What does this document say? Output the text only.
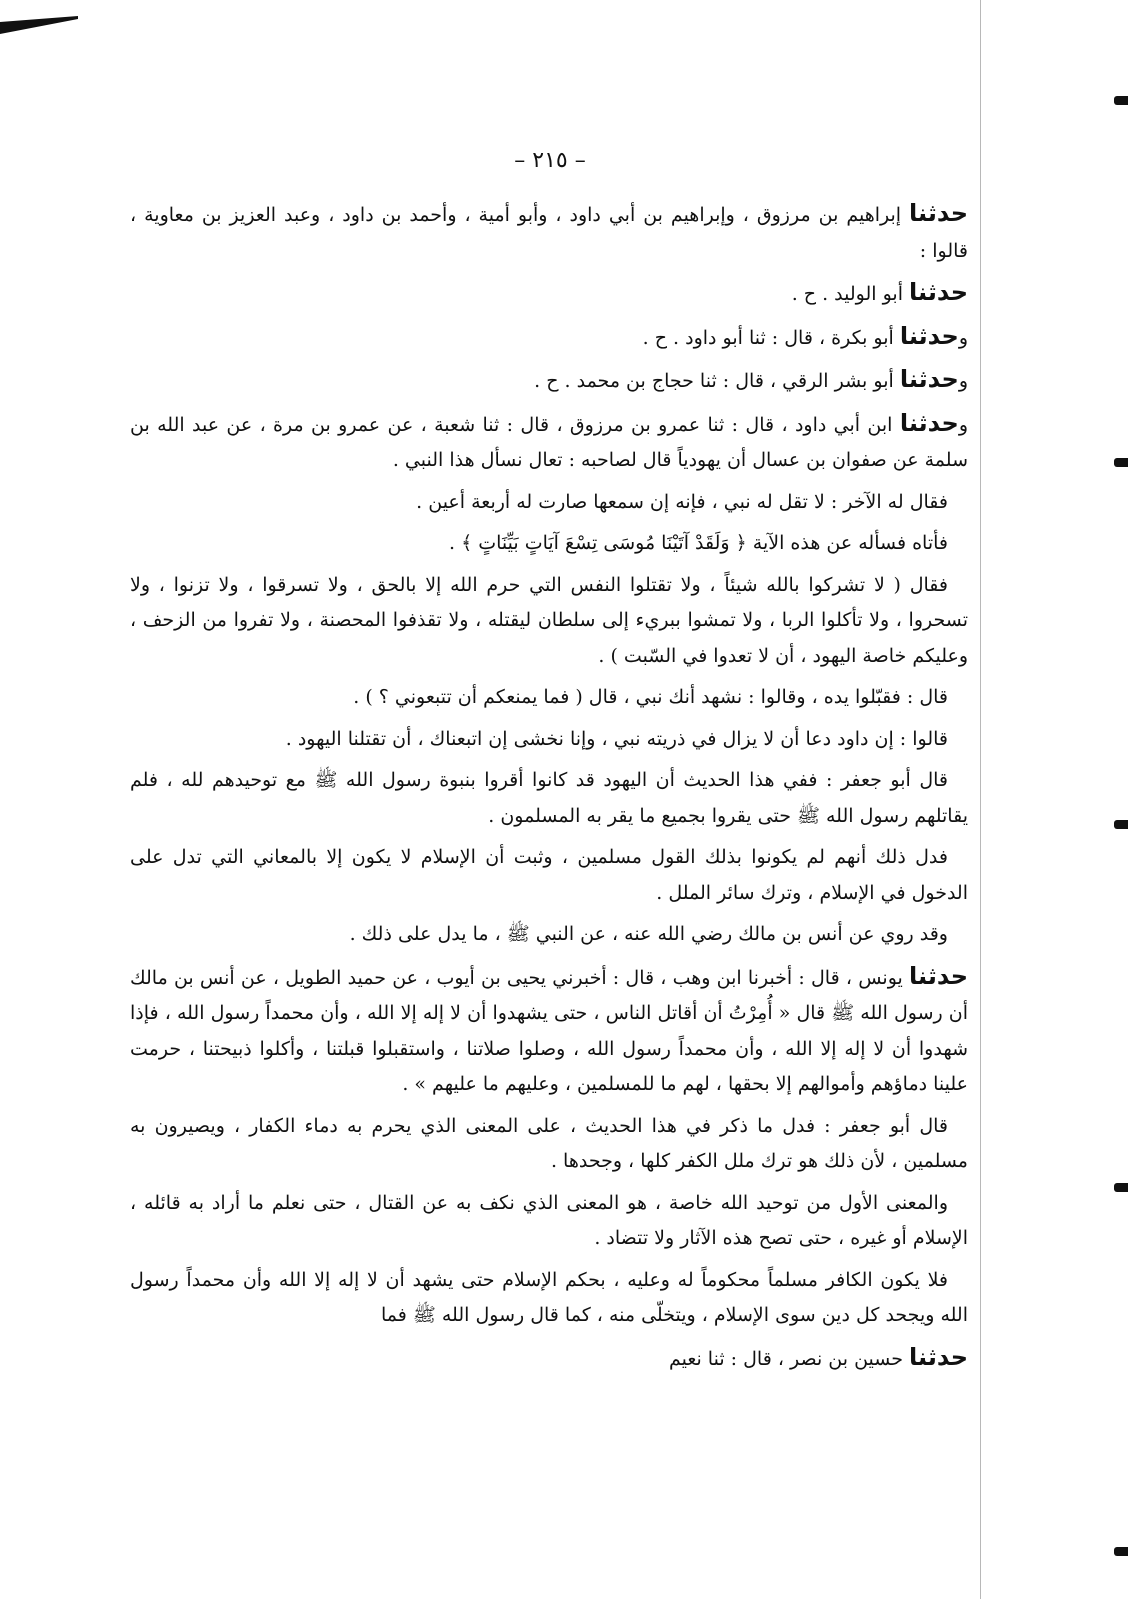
– ٢١٥ –

حدثنا إبراهيم بن مرزوق ، وإبراهيم بن أبي داود ، وأبو أمية ، وأحمد بن داود ، وعبد العزيز بن معاوية ، قالوا :

حدثنا أبو الوليد . ح .

وحدثنا أبو بكرة ، قال : ثنا أبو داود . ح .

وحدثنا أبو بشر الرقي ، قال : ثنا حجاج بن محمد . ح .

وحدثنا ابن أبي داود ، قال : ثنا عمرو بن مرزوق ، قال : ثنا شعبة ، عن عمرو بن مرة ، عن عبد الله بن سلمة عن صفوان بن عسال أن يهودياً قال لصاحبه : تعال نسأل هذا النبي .

فقال له الآخر : لا تقل له نبي ، فإنه إن سمعها صارت له أربعة أعين .

فأتاه فسأله عن هذه الآية ﴿ وَلَقَدْ آتَيْنَا مُوسَى تِسْعَ آيَاتٍ بَيِّنَاتٍ ﴾ .

فقال ( لا تشركوا بالله شيئاً ، ولا تقتلوا النفس التي حرم الله إلا بالحق ، ولا تسرقوا ، ولا تزنوا ، ولا تسحروا ، ولا تأكلوا الربا ، ولا تمشوا ببريء إلى سلطان ليقتله ، ولا تقذفوا المحصنة ، ولا تفروا من الزحف ، وعليكم خاصة اليهود ، أن لا تعدوا في السّبت ) .

قال : فقبّلوا يده ، وقالوا : نشهد أنك نبي ، قال ( فما يمنعكم أن تتبعوني ؟ ) .

قالوا : إن داود دعا أن لا يزال في ذريته نبي ، وإنا نخشى إن اتبعناك ، أن تقتلنا اليهود .

قال أبو جعفر : ففي هذا الحديث أن اليهود قد كانوا أقروا بنبوة رسول الله ﷺ مع توحيدهم لله ، فلم يقاتلهم رسول الله ﷺ حتى يقروا بجميع ما يقر به المسلمون .

فدل ذلك أنهم لم يكونوا بذلك القول مسلمين ، وثبت أن الإسلام لا يكون إلا بالمعاني التي تدل على الدخول في الإسلام ، وترك سائر الملل .

وقد روي عن أنس بن مالك رضي الله عنه ، عن النبي ﷺ ، ما يدل على ذلك .

حدثنا يونس ، قال : أخبرنا ابن وهب ، قال : أخبرني يحيى بن أيوب ، عن حميد الطويل ، عن أنس بن مالك أن رسول الله ﷺ قال « أُمِرْتُ أن أقاتل الناس ، حتى يشهدوا أن لا إله إلا الله ، وأن محمداً رسول الله ، فإذا شهدوا أن لا إله إلا الله ، وأن محمداً رسول الله ، وصلوا صلاتنا ، واستقبلوا قبلتنا ، وأكلوا ذبيحتنا ، حرمت علينا دماؤهم وأموالهم إلا بحقها ، لهم ما للمسلمين ، وعليهم ما عليهم » .

قال أبو جعفر : فدل ما ذكر في هذا الحديث ، على المعنى الذي يحرم به دماء الكفار ، ويصيرون به مسلمين ، لأن ذلك هو ترك ملل الكفر كلها ، وجحدها .

والمعنى الأول من توحيد الله خاصة ، هو المعنى الذي نكف به عن القتال ، حتى نعلم ما أراد به قائله ، الإسلام أو غيره ، حتى تصح هذه الآثار ولا تتضاد .

فلا يكون الكافر مسلماً محكوماً له وعليه ، بحكم الإسلام حتى يشهد أن لا إله إلا الله وأن محمداً رسول الله ويجحد كل دين سوى الإسلام ، ويتخلّى منه ، كما قال رسول الله ﷺ فما

حدثنا حسين بن نصر ، قال : ثنا نعيم
